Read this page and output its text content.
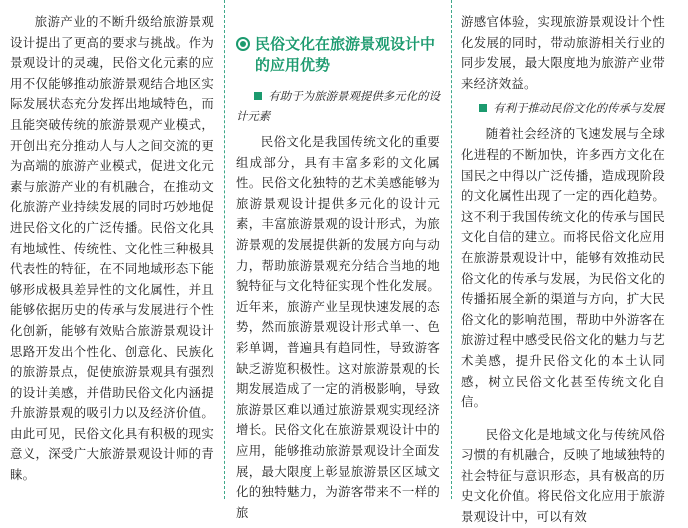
旅游产业的不断升级给旅游景观设计提出了更高的要求与挑战。作为景观设计的灵魂，民俗文化元素的应用不仅能够推动旅游景观结合地区实际发展状态充分发挥出地域特色，而且能突破传统的旅游景观产业模式，开创出充分推动人与人之间交流的更为高端的旅游产业模式，促进文化元素与旅游产业的有机融合，在推动文化旅游产业持续发展的同时巧妙地促进民俗文化的广泛传播。民俗文化具有地域性、传统性、文化性三种极具代表性的特征，在不同地域形态下能够形成极具差异性的文化属性，并且能够依据历史的传承与发展进行个性化创新，能够有效贴合旅游景观设计思路开发出个性化、创意化、民族化的旅游景点，促使旅游景观具有强烈的设计美感，并借助民俗文化内涵提升旅游景观的吸引力以及经济价值。由此可见，民俗文化具有积极的现实意义，深受广大旅游景观设计师的青睐。

民俗文化在旅游景观设计中的应用优势
有助于为旅游景观提供多元化的设计元素

民俗文化是我国传统文化的重要组成部分，具有丰富多彩的文化属性。民俗文化独特的艺术美感能够为旅游景观设计提供多元化的设计元素，丰富旅游景观的设计形式，为旅游景观的发展提供新的发展方向与动力，帮助旅游景观充分结合当地的地貌特征与文化特征实现个性化发展。近年来，旅游产业呈现快速发展的态势，然而旅游景观设计形式单一、色彩单调，普遍具有趋同性，导致游客缺乏游览积极性。这对旅游景观的长期发展造成了一定的消极影响，导致旅游景区难以通过旅游景观实现经济增长。民俗文化在旅游景观设计中的应用，能够推动旅游景观设计全面发展，最大限度上彰显旅游景区区域文化的独特魅力，为游客带来不一样的旅

游感官体验，实现旅游景观设计个性化发展的同时，带动旅游相关行业的同步发展，最大限度地为旅游产业带来经济效益。

有利于推动民俗文化的传承与发展

随着社会经济的飞速发展与全球化进程的不断加快，许多西方文化在国民之中得以广泛传播，造成现阶段的文化属性出现了一定的西化趋势。这不利于我国传统文化的传承与国民文化自信的建立。而将民俗文化应用在旅游景观设计中，能够有效推动民俗文化的传承与发展，为民俗文化的传播拓展全新的渠道与方向，扩大民俗文化的影响范围，帮助中外游客在旅游过程中感受民俗文化的魅力与艺术美感，提升民俗文化的本土认同感，树立民俗文化甚至传统文化自信。

民俗文化是地域文化与传统风俗习惯的有机融合，反映了地域独特的社会特征与意识形态，具有极高的历史文化价值。将民俗文化应用于旅游景观设计中，可以有效
